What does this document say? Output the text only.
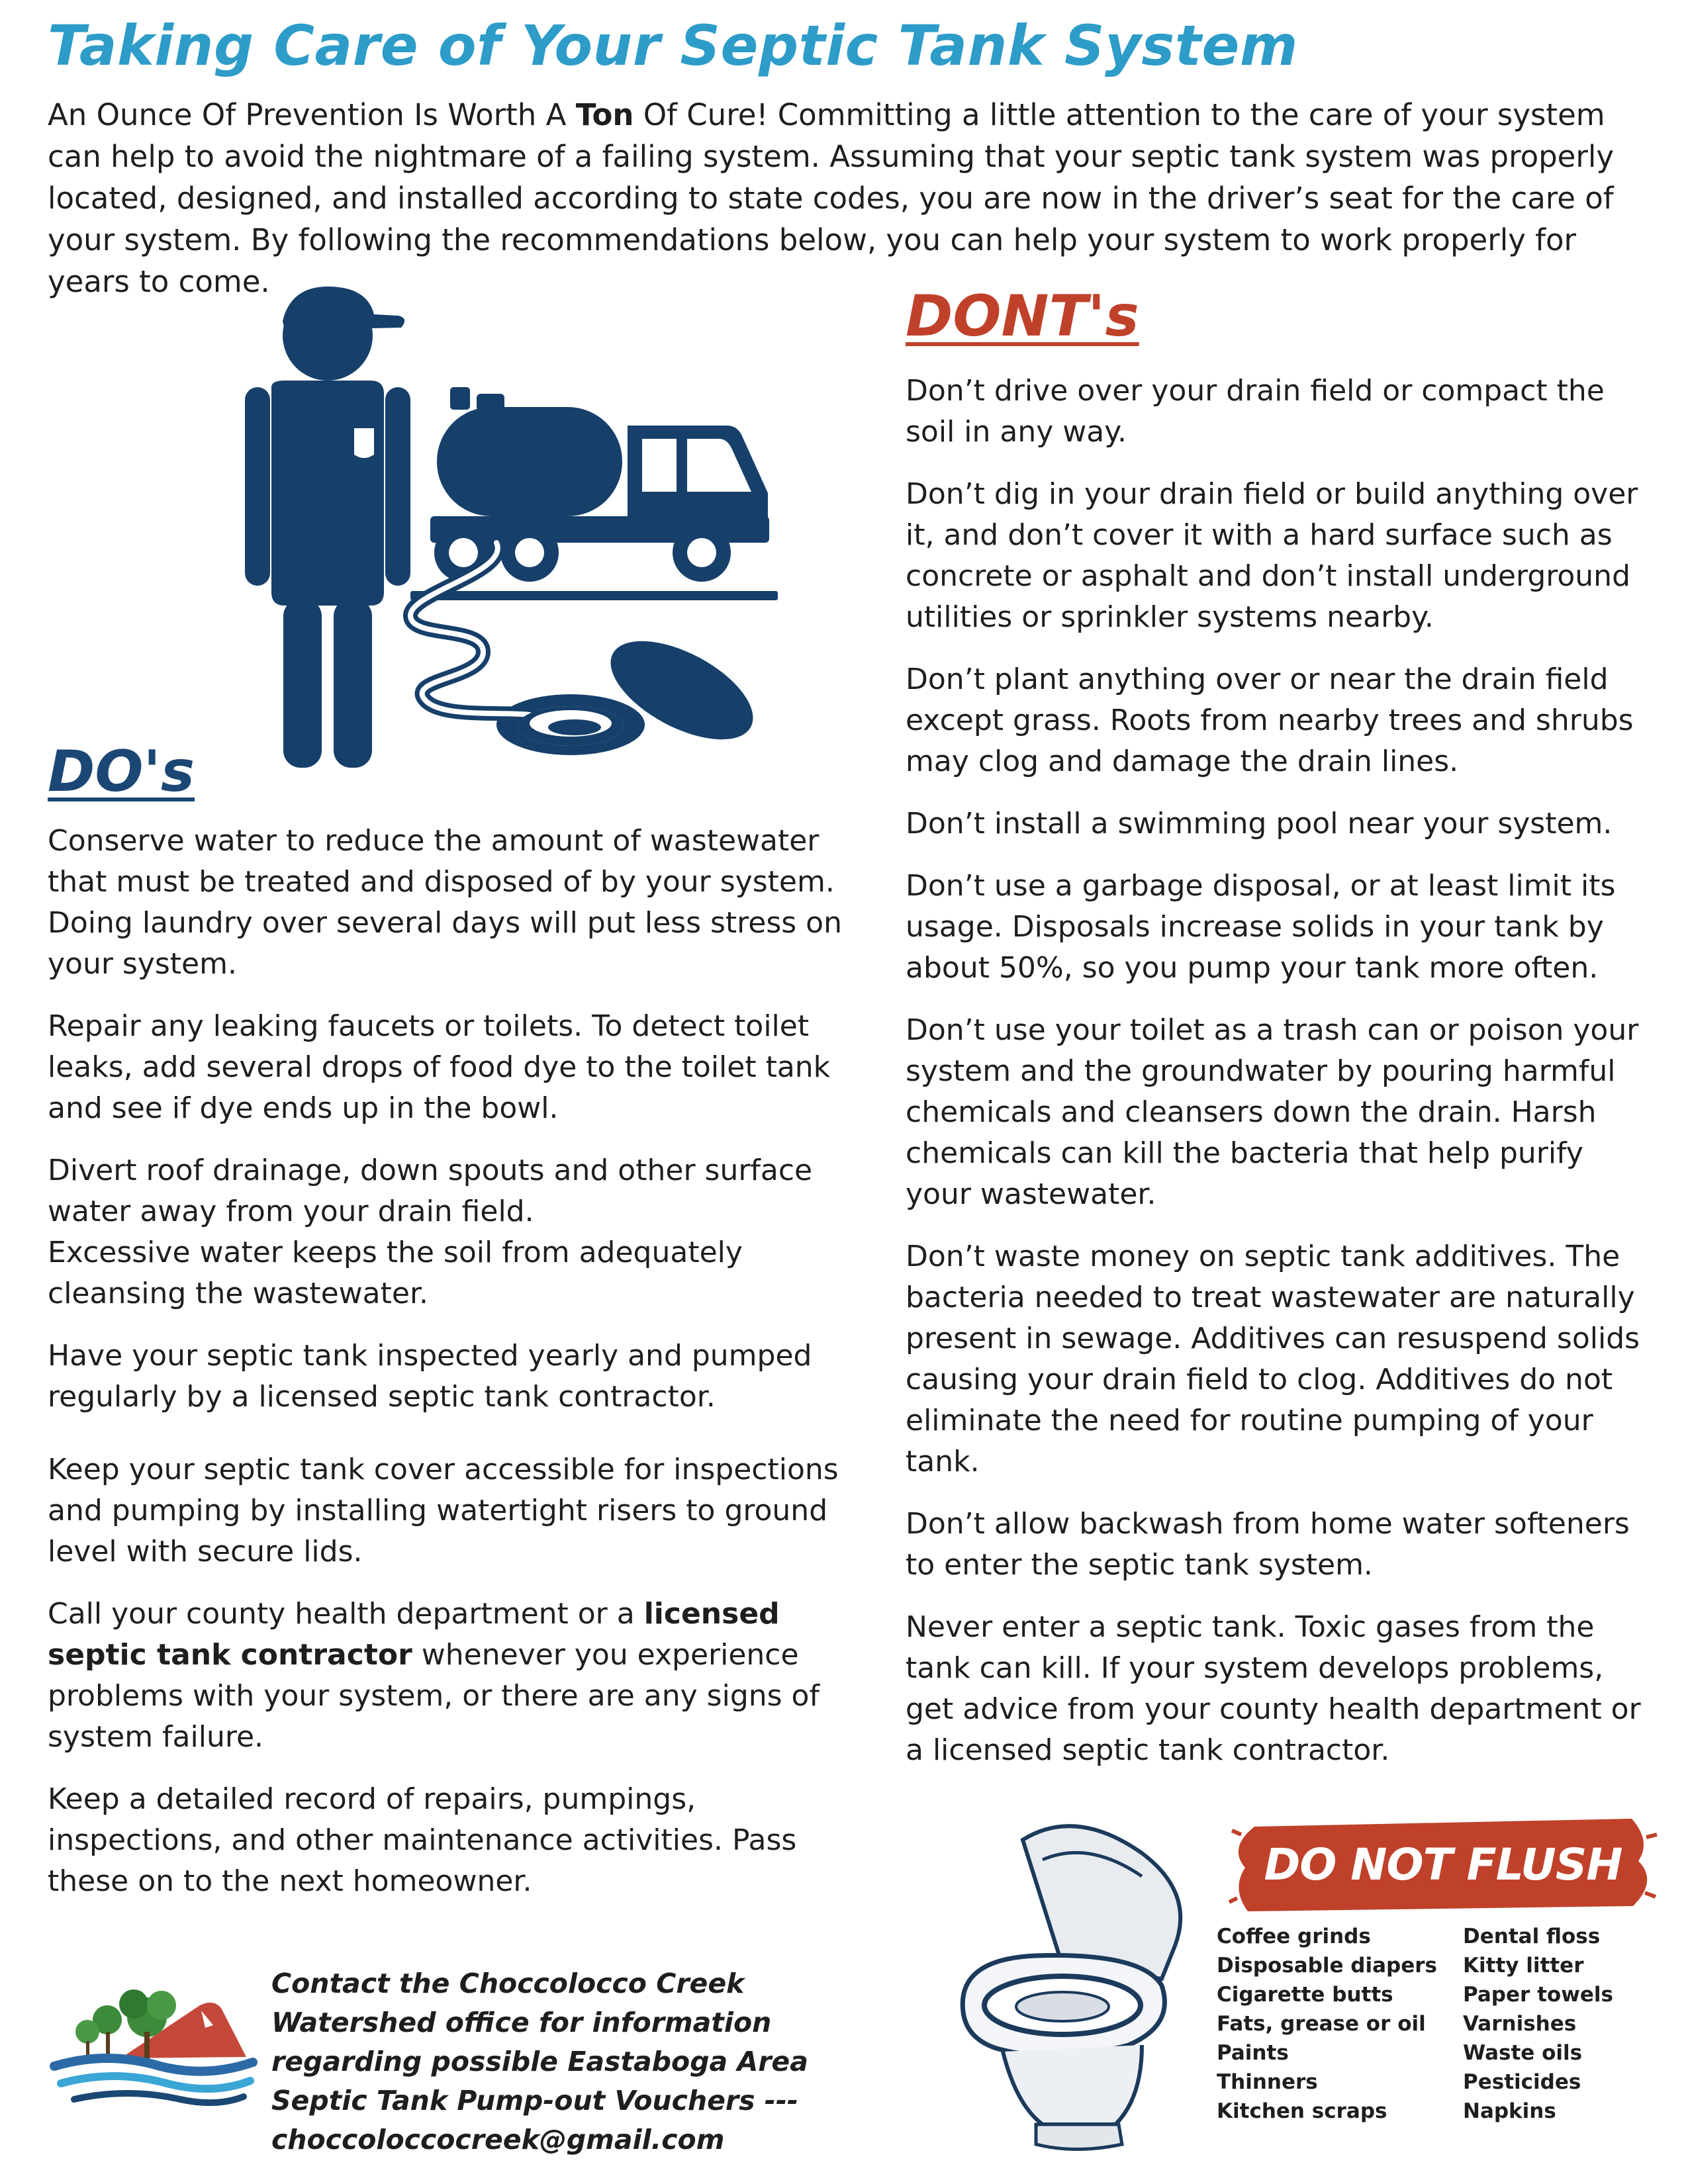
Taking Care of Your Septic Tank System
An Ounce Of Prevention Is Worth A Ton Of Cure! Committing a little attention to the care of your system can help to avoid the nightmare of a failing system. Assuming that your septic tank system was properly located, designed, and installed according to state codes, you are now in the driver’s seat for the care of your system. By following the recommendations below, you can help your system to work properly for years to come.
DO's

Conserve water to reduce the amount of wastewater that must be treated and disposed of by your system. Doing laundry over several days will put less stress on your system.

Repair any leaking faucets or toilets. To detect toilet leaks, add several drops of food dye to the toilet tank and see if dye ends up in the bowl.

Divert roof drainage, down spouts and other surface water away from your drain field.

Excessive water keeps the soil from adequately cleansing the wastewater.

Have your septic tank inspected yearly and pumped regularly by a licensed septic tank contractor.

Keep your septic tank cover accessible for inspections and pumping by installing watertight risers to ground level with secure lids.

Call your county health department or a licensed septic tank contractor whenever you experience problems with your system, or there are any signs of system failure.

Keep a detailed record of repairs, pumpings, inspections, and other maintenance activities. Pass these on to the next homeowner.

DONT's

Don’t drive over your drain field or compact the soil in any way.

Don’t dig in your drain field or build anything over it, and don’t cover it with a hard surface such as concrete or asphalt and don’t install underground utilities or sprinkler systems nearby.

Don’t plant anything over or near the drain field except grass. Roots from nearby trees and shrubs may clog and damage the drain lines.

Don’t install a swimming pool near your system.

Don’t use a garbage disposal, or at least limit its usage. Disposals increase solids in your tank by about 50%, so you pump your tank more often.

Don’t use your toilet as a trash can or poison your system and the groundwater by pouring harmful chemicals and cleansers down the drain. Harsh chemicals can kill the bacteria that help purify your wastewater.

Don’t waste money on septic tank additives. The bacteria needed to treat wastewater are naturally present in sewage. Additives can resuspend solids causing your drain field to clog. Additives do not eliminate the need for routine pumping of your tank.

Don’t allow backwash from home water softeners to enter the septic tank system.

Never enter a septic tank. Toxic gases from the tank can kill. If your system develops problems, get advice from your county health department or a licensed septic tank contractor.

DO NOT FLUSH
Coffee grinds
Disposable diapers
Cigarette butts
Fats, grease or oil
Paints
Thinners
Kitchen scraps
Dental floss
Kitty litter
Paper towels
Varnishes
Waste oils
Pesticides
Napkins
Contact the Choccolocco Creek Watershed office for information regarding possible Eastaboga Area Septic Tank Pump-out Vouchers --- choccoloccocreek@gmail.com
